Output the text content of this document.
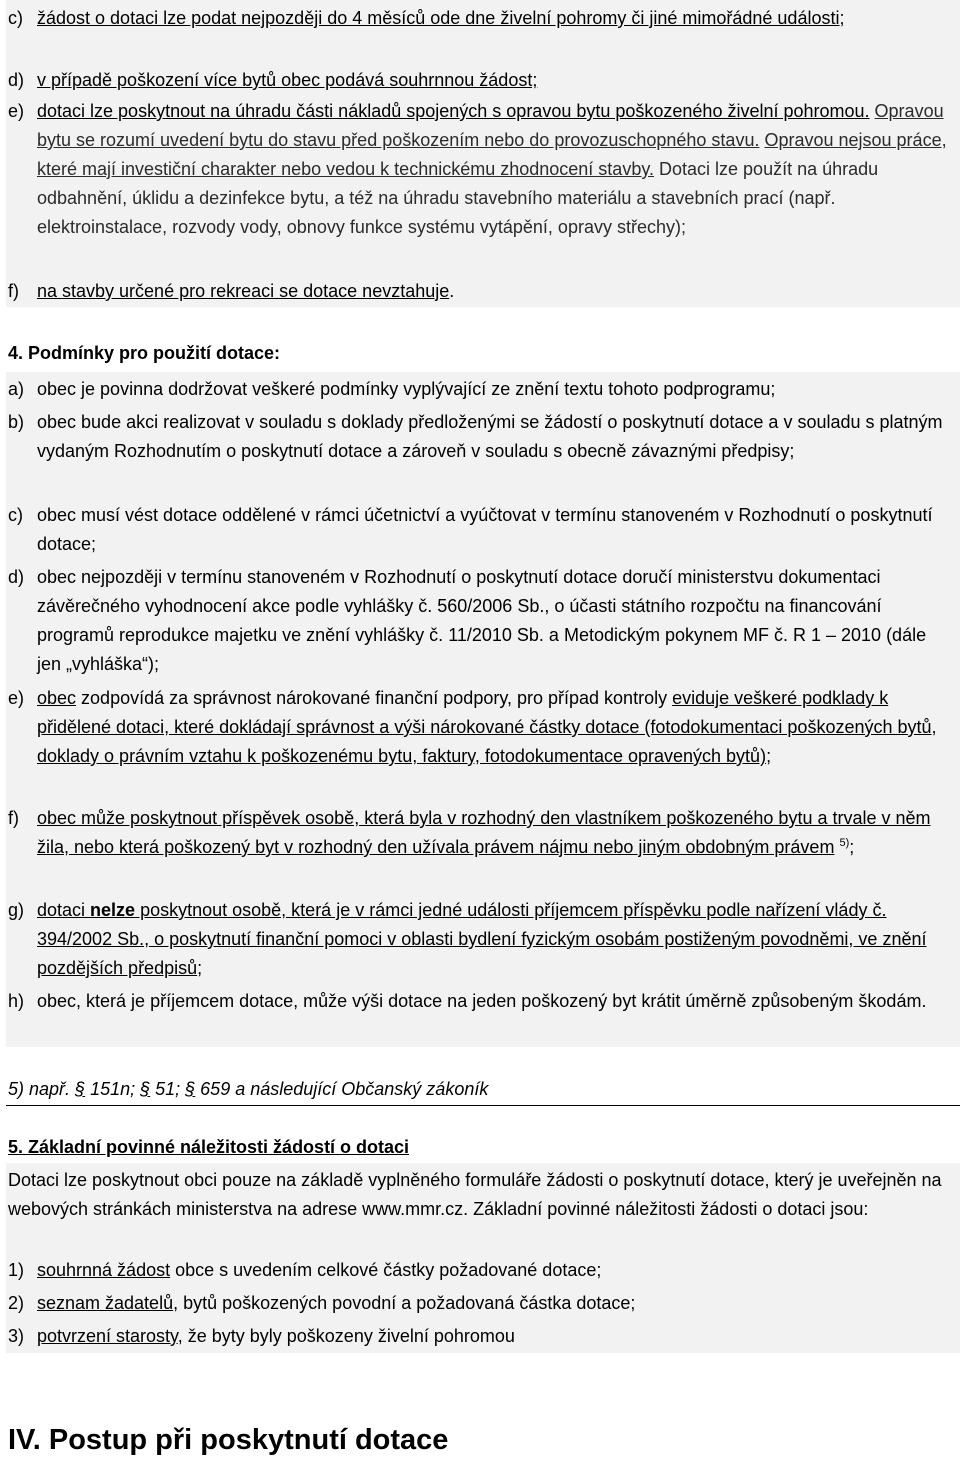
c) žádost o dotaci lze podat nejpozději do 4 měsíců ode dne živelní pohromy či jiné mimořádné události;
d) v případě poškození více bytů obec podává souhrnnou žádost;
e) dotaci lze poskytnout na úhradu části nákladů spojených s opravou bytu poškozeného živelní pohromou. Opravou bytu se rozumí uvedení bytu do stavu před poškozením nebo do provozuschopného stavu. Opravou nejsou práce, které mají investiční charakter nebo vedou k technickému zhodnocení stavby. Dotaci lze použít na úhradu odbahnění, úklidu a dezinfekce bytu, a též na úhradu stavebního materiálu a stavebních prací (např. elektroinstalace, rozvody vody, obnovy funkce systému vytápění, opravy střechy);
f) na stavby určené pro rekreaci se dotace nevztahuje.
4. Podmínky pro použití dotace:
a) obec je povinna dodržovat veškeré podmínky vyplývající ze znění textu tohoto podprogramu;
b) obec bude akci realizovat v souladu s doklady předloženými se žádostí o poskytnutí dotace a v souladu s platným vydaným Rozhodnutím o poskytnutí dotace a zároveň v souladu s obecně závaznými předpisy;
c) obec musí vést dotace oddělené v rámci účetnictví a vyúčtovat v termínu stanoveném v Rozhodnutí o poskytnutí dotace;
d) obec nejpozději v termínu stanoveném v Rozhodnutí o poskytnutí dotace doručí ministerstvu dokumentaci závěrečného vyhodnocení akce podle vyhlášky č. 560/2006 Sb., o účasti státního rozpočtu na financování programů reprodukce majetku ve znění vyhlášky č. 11/2010 Sb. a Metodickým pokynem MF č. R 1 – 2010 (dále jen „vyhláška“);
e) obec zodpovídá za správnost nárokované finanční podpory, pro případ kontroly eviduje veškeré podklady k přidělené dotaci, které dokládají správnost a výši nárokované částky dotace (fotodokumentaci poškozených bytů, doklady o právním vztahu k poškozenému bytu, faktury, fotodokumentace opravených bytů);
f) obec může poskytnout příspěvek osobě, která byla v rozhodný den vlastníkem poškozeného bytu a trvale v něm žila, nebo která poškozený byt v rozhodný den užívala právem nájmu nebo jiným obdobným právem $^{5)}$;
g) dotaci nelze poskytnout osobě, která je v rámci jedné události příjemcem příspěvku podle nařízení vlády č. 394/2002 Sb., o poskytnutí finanční pomoci v oblasti bydlení fyzickým osobám postiženým povodněmi, ve znění pozdějších předpisů;
h) obec, která je příjemcem dotace, může výši dotace na jeden poškozený byt krátit úměrně způsobeným škodám.
5) např. § 151n; § 51; § 659 a následující Občanský zákoník
5. Základní povinné náležitosti žádostí o dotaci
Dotaci lze poskytnout obci pouze na základě vyplněného formuláře žádosti o poskytnutí dotace, který je uveřejněn na webových stránkách ministerstva na adrese www.mmr.cz. Základní povinné náležitosti žádosti o dotaci jsou:
1) souhrnná žádost obce s uvedením celkové částky požadované dotace;
2) seznam žadatelů, bytů poškozených povodní a požadovaná částka dotace;
3) potvrzení starosty, že byty byly poškozeny živelní pohromou
IV. Postup při poskytnutí dotace
